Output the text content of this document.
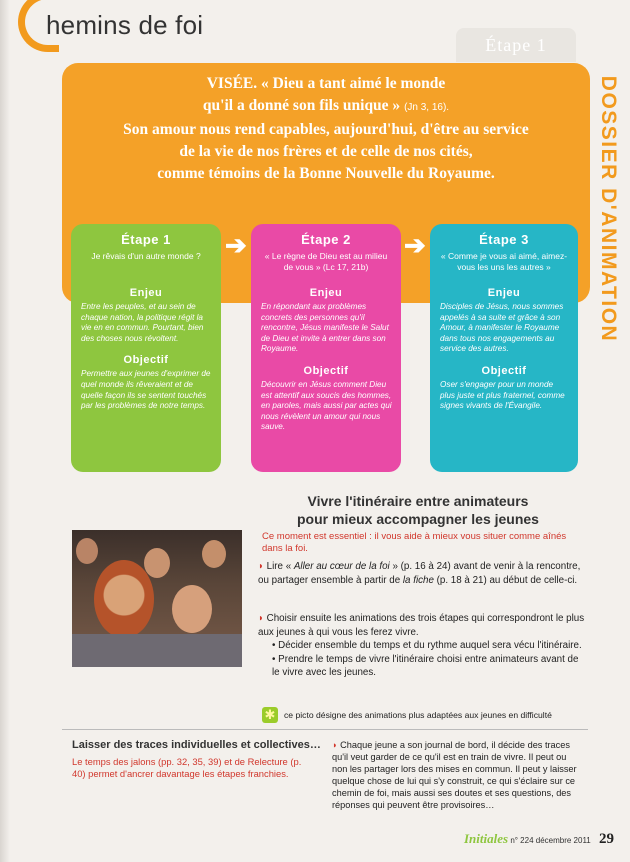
hemins de foi
Étape 1
DOSSIER D'ANIMATION
VISÉE. « Dieu a tant aimé le monde
qu'il a donné son fils unique » (Jn 3, 16).
Son amour nous rend capables, aujourd'hui, d'être au service
de la vie de nos frères et de celle de nos cités,
comme témoins de la Bonne Nouvelle du Royaume.
Étape 1
Je rêvais d'un autre monde ?
Enjeu
Entre les peuples, et au sein de chaque nation, la politique régit la vie en en commun. Pourtant, bien des choses nous révoltent.
Objectif
Permettre aux jeunes d'exprimer de quel monde ils rêveraient et de quelle façon ils se sentent touchés par les problèmes de notre temps.
➔	Étape 2
« Le règne de Dieu est au milieu de vous » (Lc 17, 21b)
Enjeu
En répondant aux problèmes concrets des personnes qu'il rencontre, Jésus manifeste le Salut de Dieu et invite à entrer dans son Royaume.
Objectif
Découvrir en Jésus comment Dieu est attentif aux soucis des hommes, en paroles, mais aussi par actes qui nous révèlent un amour qui nous sauve.
➔	Étape 3
« Comme je vous ai aimé, aimez-vous les uns les autres »
Enjeu
Disciples de Jésus, nous sommes appelés à sa suite et grâce à son Amour, à manifester le Royaume dans tous nos engagements au service des autres.
Objectif
Oser s'engager pour un monde plus juste et plus fraternel, comme signes vivants de l'Évangile.
Vivre l'itinéraire entre animateurs
pour mieux accompagner les jeunes
Ce moment est essentiel : il vous aide à mieux vous situer comme aînés dans la foi.
◗ Lire « Aller au cœur de la foi » (p. 16 à 24) avant de venir à la rencontre, ou partager ensemble à partir de la fiche (p. 18 à 21) au début de celle-ci.
◗ Choisir ensuite les animations des trois étapes qui correspondront le plus aux jeunes à qui vous les ferez vivre.
• Décider ensemble du temps et du rythme auquel sera vécu l'itinéraire.
• Prendre le temps de vivre l'itinéraire choisi entre animateurs avant de le vivre avec les jeunes.
✱ ce picto désigne des animations plus adaptées aux jeunes en difficulté
Laisser des traces individuelles et collectives…
Le temps des jalons (pp. 32, 35, 39) et de Relecture (p. 40) permet d'ancrer davantage les étapes franchies.
◗ Chaque jeune a son journal de bord, il décide des traces qu'il veut garder de ce qu'il est en train de vivre. Il peut ou non les partager lors des mises en commun. Il peut y laisser quelque chose de lui qui s'y construit, ce qui s'éclaire sur ce chemin de foi, mais aussi ses doutes et ses questions, des réponses qui peuvent être provisoires…
Initiales n° 224 décembre 2011 29
